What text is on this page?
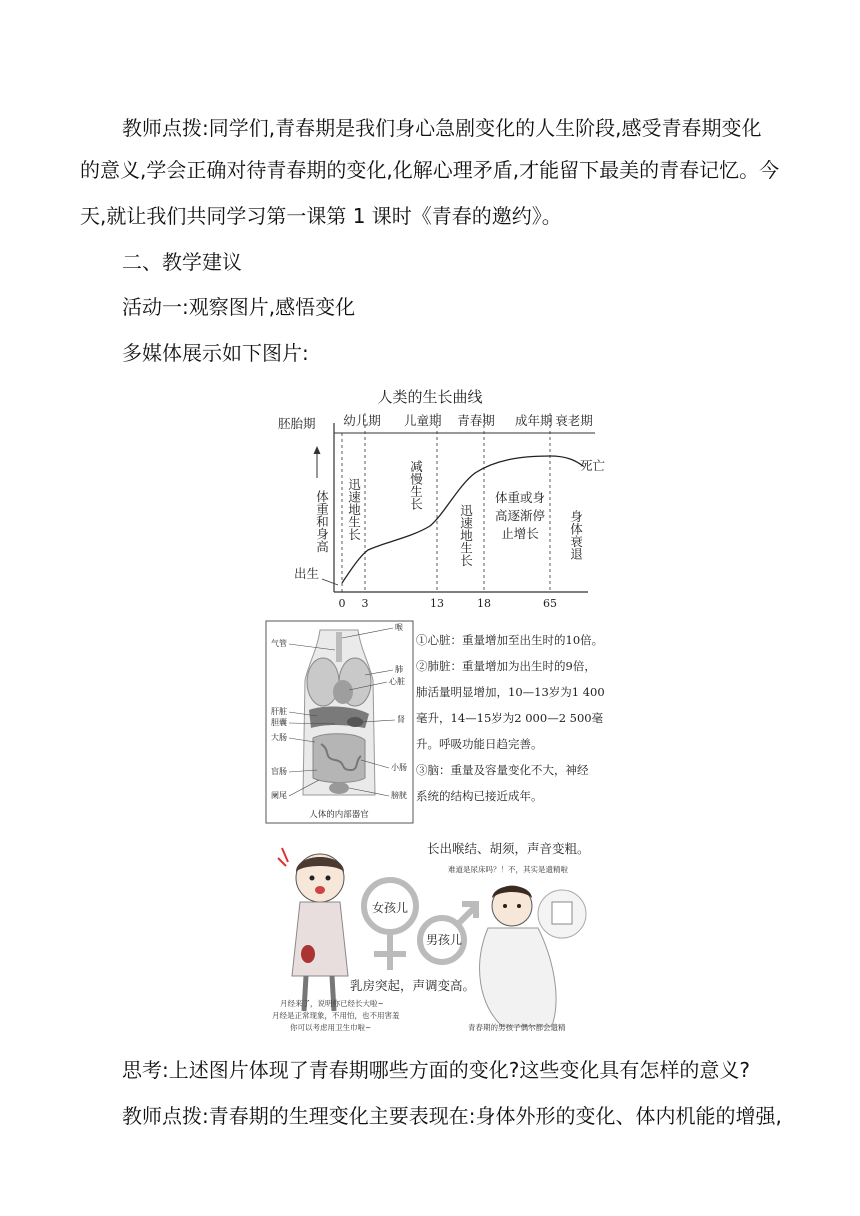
教师点拨:同学们,青春期是我们身心急剧变化的人生阶段,感受青春期变化
的意义,学会正确对待青春期的变化,化解心理矛盾,才能留下最美的青春记忆。今
天,就让我们共同学习第一课第 1 课时《青春的邀约》。
二、教学建议
活动一:观察图片,感悟变化
多媒体展示如下图片:
人类的生长曲线
胚胎期 幼儿期 儿童期 青春期 成年期 衰老期
体重和身高
出生
死亡
迅速地生长	减慢生长
迅速地生长
体重或身
高逐渐停
止增长 身体衰退
0 3	13	18	65
气管
肝脏
胆囊
大肠
盲肠
阑尾
喉
肺
心脏
肾
小肠
膀胱
人体的内部器官
①心脏：重量增加至出生时的10倍。
②肺脏：重量增加为出生时的9倍，
肺活量明显增加，10—13岁为1 400
毫升，14—15岁为2 000—2 500毫
升。呼吸功能日趋完善。
③脑：重量及容量变化不大，神经
系统的结构已接近成年。
女孩儿
男孩儿
长出喉结、胡须，声音变粗。
难道是尿床吗？！不，其实是遗精啦
乳房突起，声调变高。
月经来了，说明你已经长大啦~
月经是正常现象，不用怕，也不用害羞
你可以考虑用卫生巾啦~	青春期的男孩子偶尔都会遗精
思考:上述图片体现了青春期哪些方面的变化?这些变化具有怎样的意义?
教师点拨:青春期的生理变化主要表现在:身体外形的变化、体内机能的增强,
